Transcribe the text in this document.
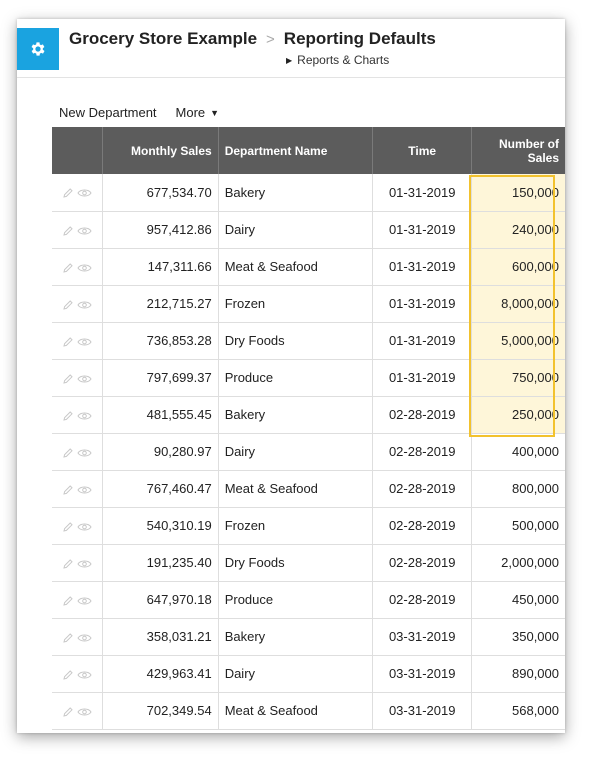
Grocery Store Example > Reporting Defaults
▶ Reports & Charts
New Department More ▼
	Monthly Sales	Department Name	Time	Number of Sales
	677,534.70	Bakery	01-31-2019	150,000
	957,412.86	Dairy	01-31-2019	240,000
	147,311.66	Meat & Seafood	01-31-2019	600,000
	212,715.27	Frozen	01-31-2019	8,000,000
	736,853.28	Dry Foods	01-31-2019	5,000,000
	797,699.37	Produce	01-31-2019	750,000
	481,555.45	Bakery	02-28-2019	250,000
	90,280.97	Dairy	02-28-2019	400,000
	767,460.47	Meat & Seafood	02-28-2019	800,000
	540,310.19	Frozen	02-28-2019	500,000
	191,235.40	Dry Foods	02-28-2019	2,000,000
	647,970.18	Produce	02-28-2019	450,000
	358,031.21	Bakery	03-31-2019	350,000
	429,963.41	Dairy	03-31-2019	890,000
	702,349.54	Meat & Seafood	03-31-2019	568,000
